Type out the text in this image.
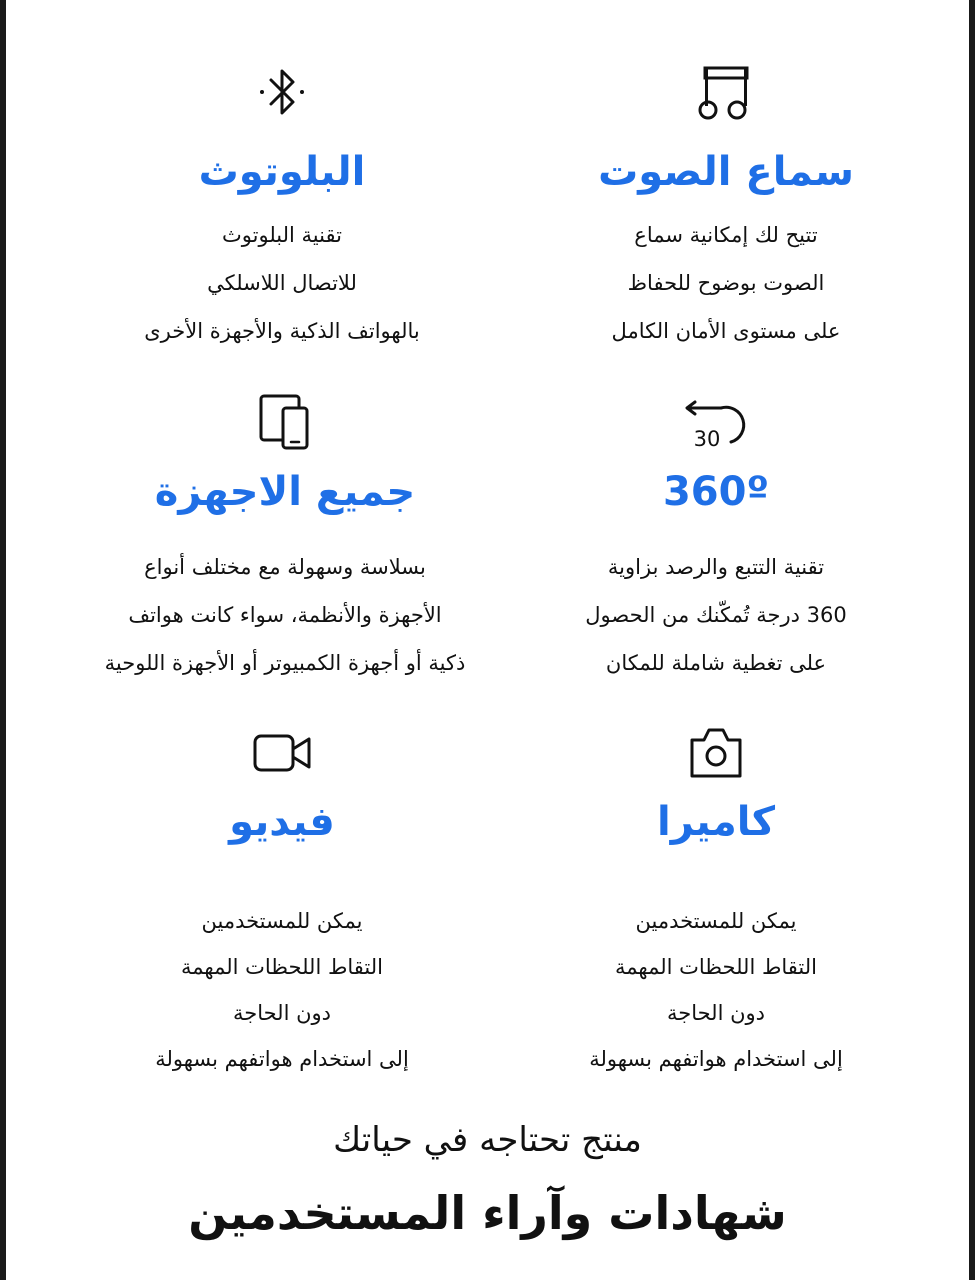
سماع الصوت

تتيح لك إمكانية سماع

الصوت بوضوح للحفاظ

على مستوى الأمان الكامل

البلوتوث

تقنية البلوتوث

للاتصال اللاسلكي

بالهواتف الذكية والأجهزة الأخرى

30

360º

تقنية التتبع والرصد بزاوية

360 درجة تُمكّنك من الحصول

على تغطية شاملة للمكان

جميع الاجهزة

بسلاسة وسهولة مع مختلف أنواع

الأجهزة والأنظمة، سواء كانت هواتف

ذكية أو أجهزة الكمبيوتر أو الأجهزة اللوحية

كاميرا

يمكن للمستخدمين

التقاط اللحظات المهمة

دون الحاجة

إلى استخدام هواتفهم بسهولة

فيديو

يمكن للمستخدمين

التقاط اللحظات المهمة

دون الحاجة

إلى استخدام هواتفهم بسهولة

منتج تحتاجه في حياتك

شهادات وآراء المستخدمين
